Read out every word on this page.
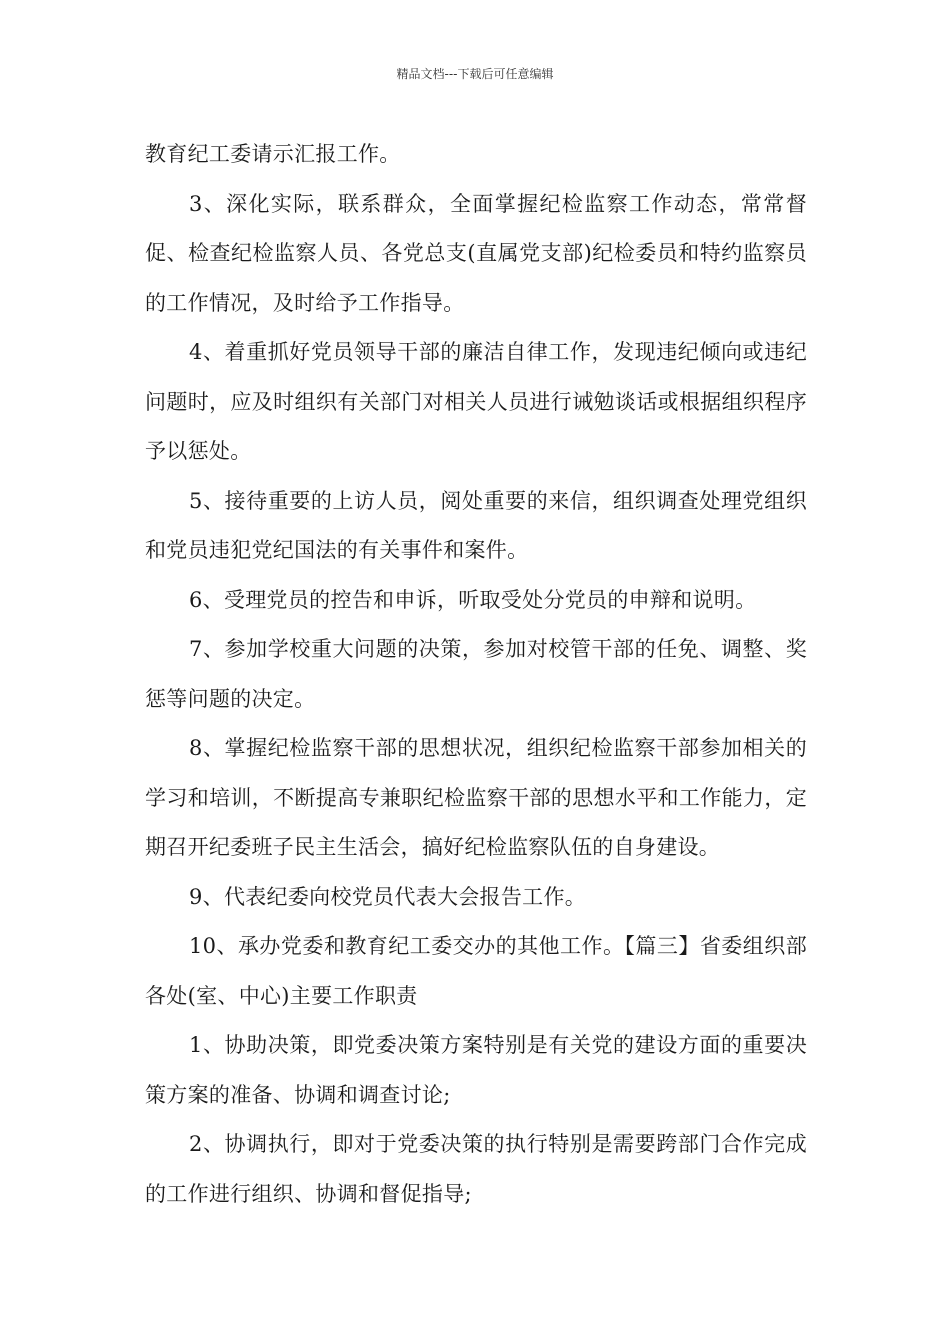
精品文档---下载后可任意编辑

教育纪工委请示汇报工作。

3、深化实际，联系群众，全面掌握纪检监察工作动态，常常督促、检查纪检监察人员、各党总支(直属党支部)纪检委员和特约监察员的工作情况，及时给予工作指导。

4、着重抓好党员领导干部的廉洁自律工作，发现违纪倾向或违纪问题时，应及时组织有关部门对相关人员进行诫勉谈话或根据组织程序予以惩处。

5、接待重要的上访人员，阅处重要的来信，组织调查处理党组织和党员违犯党纪国法的有关事件和案件。

6、受理党员的控告和申诉，听取受处分党员的申辩和说明。

7、参加学校重大问题的决策，参加对校管干部的任免、调整、奖惩等问题的决定。

8、掌握纪检监察干部的思想状况，组织纪检监察干部参加相关的学习和培训，不断提高专兼职纪检监察干部的思想水平和工作能力，定期召开纪委班子民主生活会，搞好纪检监察队伍的自身建设。

9、代表纪委向校党员代表大会报告工作。

10、承办党委和教育纪工委交办的其他工作。【篇三】省委组织部各处(室、中心)主要工作职责

1、协助决策，即党委决策方案特别是有关党的建设方面的重要决策方案的准备、协调和调查讨论;

2、协调执行，即对于党委决策的执行特别是需要跨部门合作完成的工作进行组织、协调和督促指导;
